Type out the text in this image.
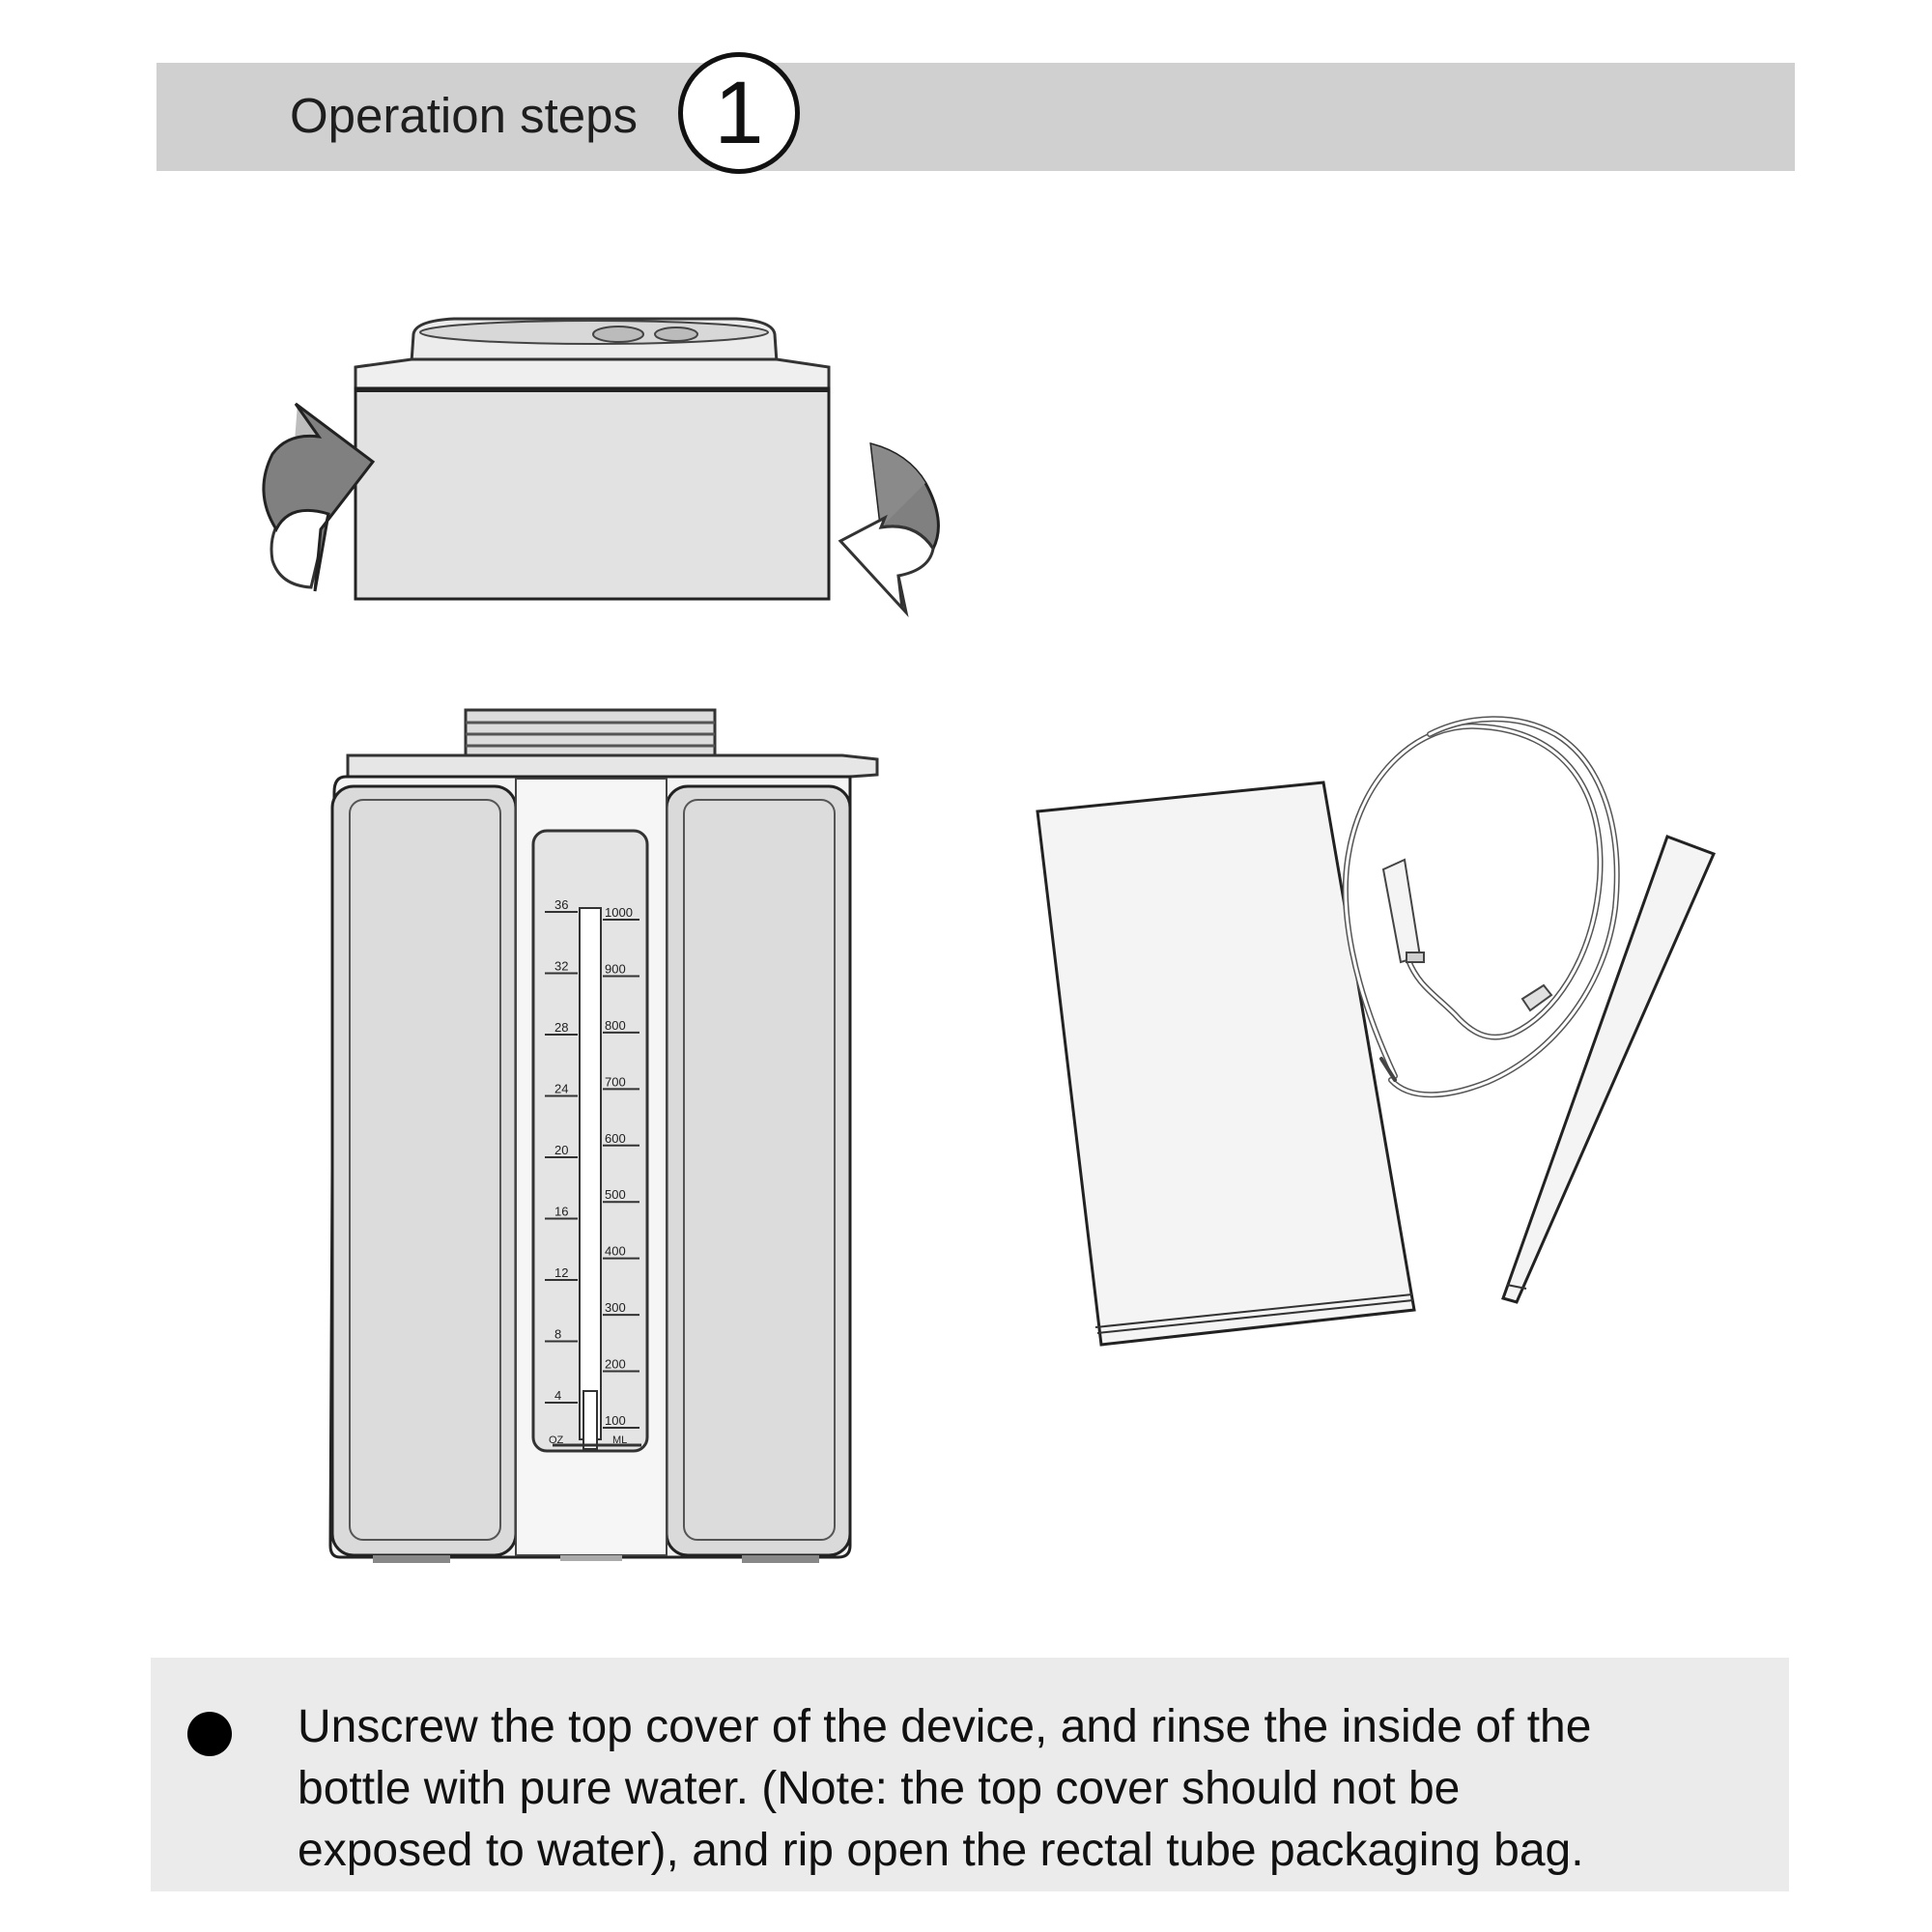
Operation steps 1
36
32
28
24
20
16
12
8
4
1000
900
800
700
600
500
400
300
200
100
OZ	ML
Unscrew the top cover of the device, and rinse the inside of the
bottle with pure water. (Note: the top cover should not be
exposed to water), and rip open the rectal tube packaging bag.
